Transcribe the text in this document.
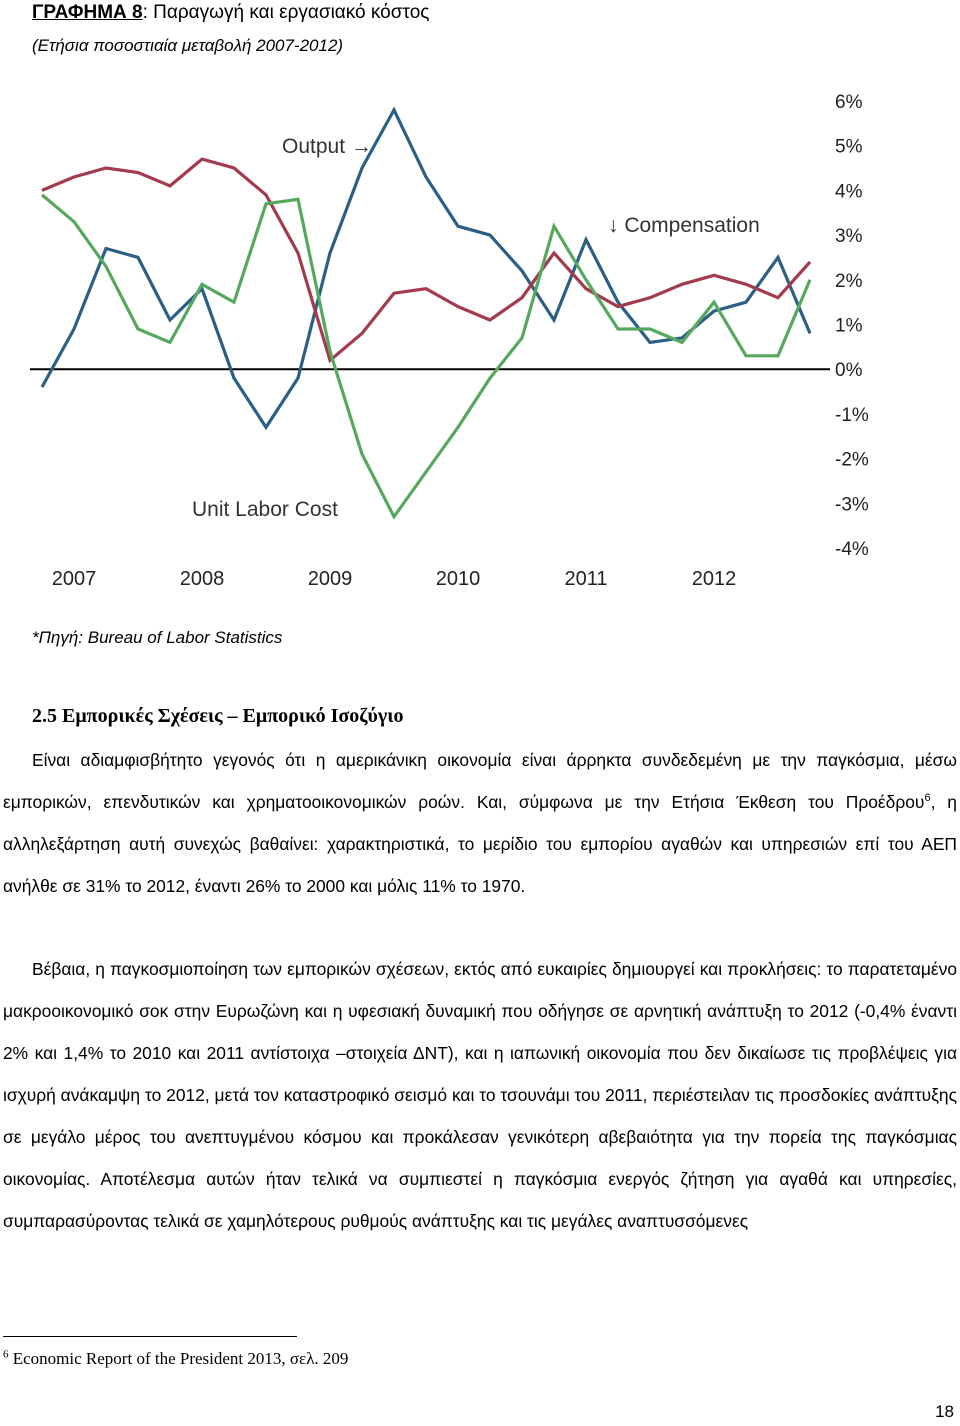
ΓΡΑΦΗΜΑ 8: Παραγωγή και εργασιακό κόστος
(Ετήσια ποσοστιαία μεταβολή 2007-2012)
6%
5%
4%
3%
2%
1%
0%
-1%
-2%
-3%
-4%
2007	2008	2009	2010	2011	2012
Output →
↓ Compensation
Unit Labor Cost
*Πηγή: Bureau of Labor Statistics
2.5 Εμπορικές Σχέσεις – Εμπορικό Ισοζύγιο

Είναι αδιαμφισβήτητο γεγονός ότι η αμερικάνικη οικονομία είναι άρρηκτα συνδεδεμένη με την παγκόσμια, μέσω εμπορικών, επενδυτικών και χρηματοοικονομικών ροών. Και, σύμφωνα με την Ετήσια Έκθεση του Προέδρου$^6$, η αλληλεξάρτηση αυτή συνεχώς βαθαίνει: χαρακτηριστικά, το μερίδιο του εμπορίου αγαθών και υπηρεσιών επί του ΑΕΠ ανήλθε σε 31% το 2012, έναντι 26% το 2000 και μόλις 11% το 1970.

Βέβαια, η παγκοσμιοποίηση των εμπορικών σχέσεων, εκτός από ευκαιρίες δημιουργεί και προκλήσεις: το παρατεταμένο μακροοικονομικό σοκ στην Ευρωζώνη και η υφεσιακή δυναμική που οδήγησε σε αρνητική ανάπτυξη το 2012 (-0,4% έναντι 2% και 1,4% το 2010 και 2011 αντίστοιχα –στοιχεία ΔΝΤ), και η ιαπωνική οικονομία που δεν δικαίωσε τις προβλέψεις για ισχυρή ανάκαμψη το 2012, μετά τον καταστροφικό σεισμό και το τσουνάμι του 2011, περιέστειλαν τις προσδοκίες ανάπτυξης σε μεγάλο μέρος του ανεπτυγμένου κόσμου και προκάλεσαν γενικότερη αβεβαιότητα για την πορεία της παγκόσμιας οικονομίας. Αποτέλεσμα αυτών ήταν τελικά να συμπιεστεί η παγκόσμια ενεργός ζήτηση για αγαθά και υπηρεσίες, συμπαρασύροντας τελικά σε χαμηλότερους ρυθμούς ανάπτυξης και τις μεγάλες αναπτυσσόμενες

$^6$ Economic Report of the President 2013, σελ. 209
18
